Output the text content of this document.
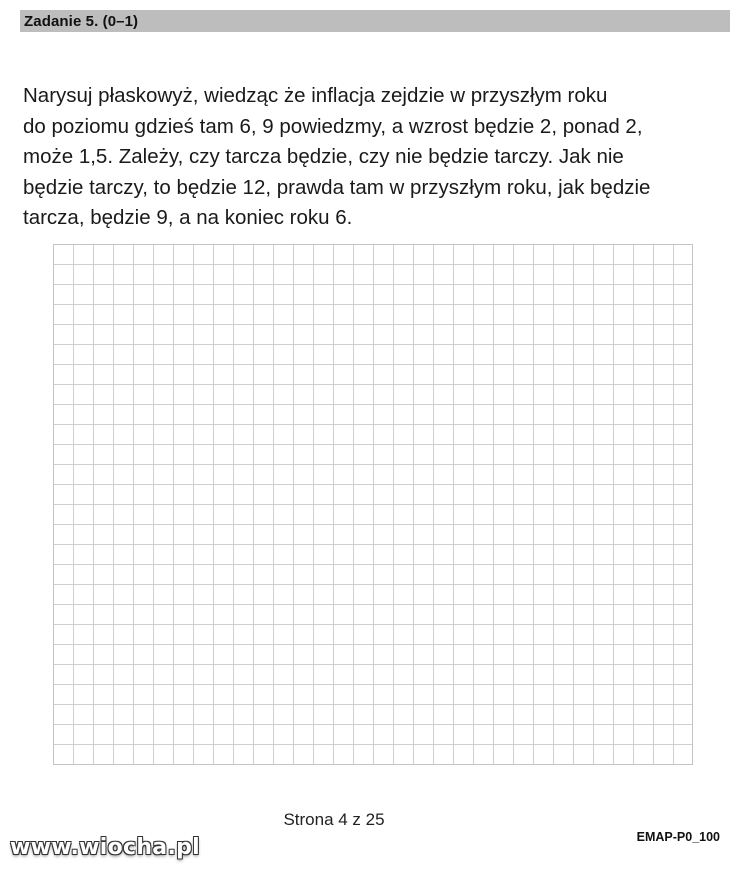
Zadanie 5. (0–1)

Narysuj płaskowyż, wiedząc że inflacja zejdzie w przyszłym roku
do poziomu gdzieś tam 6, 9 powiedzmy, a wzrost będzie 2, ponad 2,
może 1,5. Zależy, czy tarcza będzie, czy nie będzie tarczy. Jak nie
będzie tarczy, to będzie 12, prawda tam w przyszłym roku, jak będzie
tarcza, będzie 9, a na koniec roku 6.

Strona 4 z 25
EMAP-P0_100
www.wiocha.pl
